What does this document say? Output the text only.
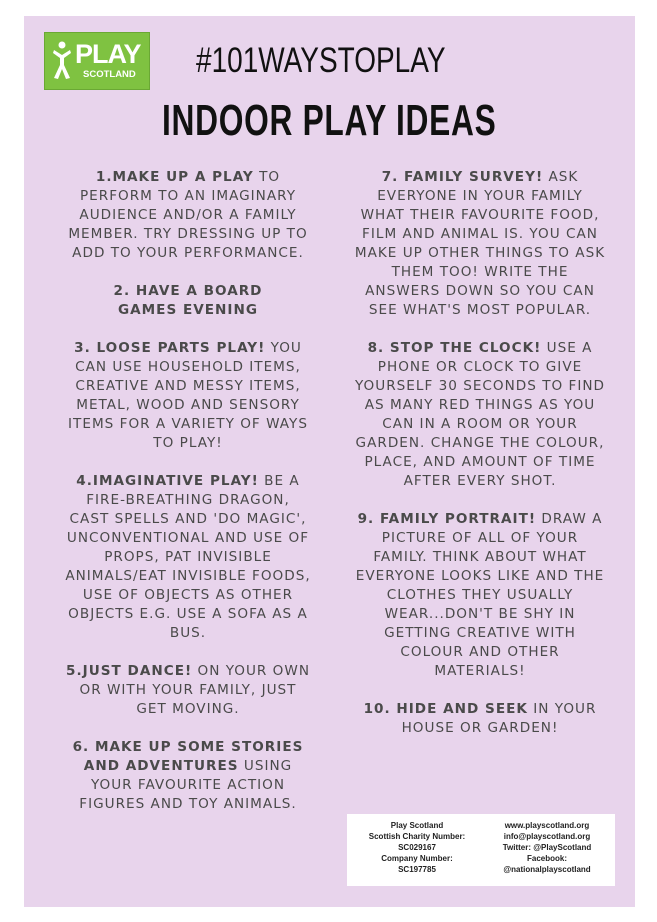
PLAY
SCOTLAND #101WAYSTOPLAY
INDOOR PLAY IDEAS

1.MAKE UP A PLAY TO PERFORM TO AN IMAGINARY AUDIENCE AND/OR A FAMILY MEMBER. TRY DRESSING UP TO ADD TO YOUR PERFORMANCE.

2. HAVE A BOARD GAMES EVENING

3. LOOSE PARTS PLAY! YOU CAN USE HOUSEHOLD ITEMS, CREATIVE AND MESSY ITEMS, METAL, WOOD AND SENSORY ITEMS FOR A VARIETY OF WAYS TO PLAY!

4.IMAGINATIVE PLAY! BE A FIRE-BREATHING DRAGON, CAST SPELLS AND 'DO MAGIC', UNCONVENTIONAL AND USE OF PROPS, PAT INVISIBLE ANIMALS/EAT INVISIBLE FOODS, USE OF OBJECTS AS OTHER OBJECTS E.G. USE A SOFA AS A BUS.

5.JUST DANCE! ON YOUR OWN OR WITH YOUR FAMILY, JUST GET MOVING.

6. MAKE UP SOME STORIES AND ADVENTURES USING YOUR FAVOURITE ACTION FIGURES AND TOY ANIMALS.

7. FAMILY SURVEY! ASK EVERYONE IN YOUR FAMILY WHAT THEIR FAVOURITE FOOD, FILM AND ANIMAL IS. YOU CAN MAKE UP OTHER THINGS TO ASK THEM TOO! WRITE THE ANSWERS DOWN SO YOU CAN SEE WHAT'S MOST POPULAR.

8. STOP THE CLOCK! USE A PHONE OR CLOCK TO GIVE YOURSELF 30 SECONDS TO FIND AS MANY RED THINGS AS YOU CAN IN A ROOM OR YOUR GARDEN. CHANGE THE COLOUR, PLACE, AND AMOUNT OF TIME AFTER EVERY SHOT.

9. FAMILY PORTRAIT! DRAW A PICTURE OF ALL OF YOUR FAMILY. THINK ABOUT WHAT EVERYONE LOOKS LIKE AND THE CLOTHES THEY USUALLY WEAR...DON'T BE SHY IN GETTING CREATIVE WITH COLOUR AND OTHER MATERIALS!

10. HIDE AND SEEK IN YOUR HOUSE OR GARDEN!

Play Scotland
Scottish Charity Number:
SC029167
Company Number:
SC197785
www.playscotland.org
info@playscotland.org
Twitter: @PlayScotland
Facebook:
@nationalplayscotland
